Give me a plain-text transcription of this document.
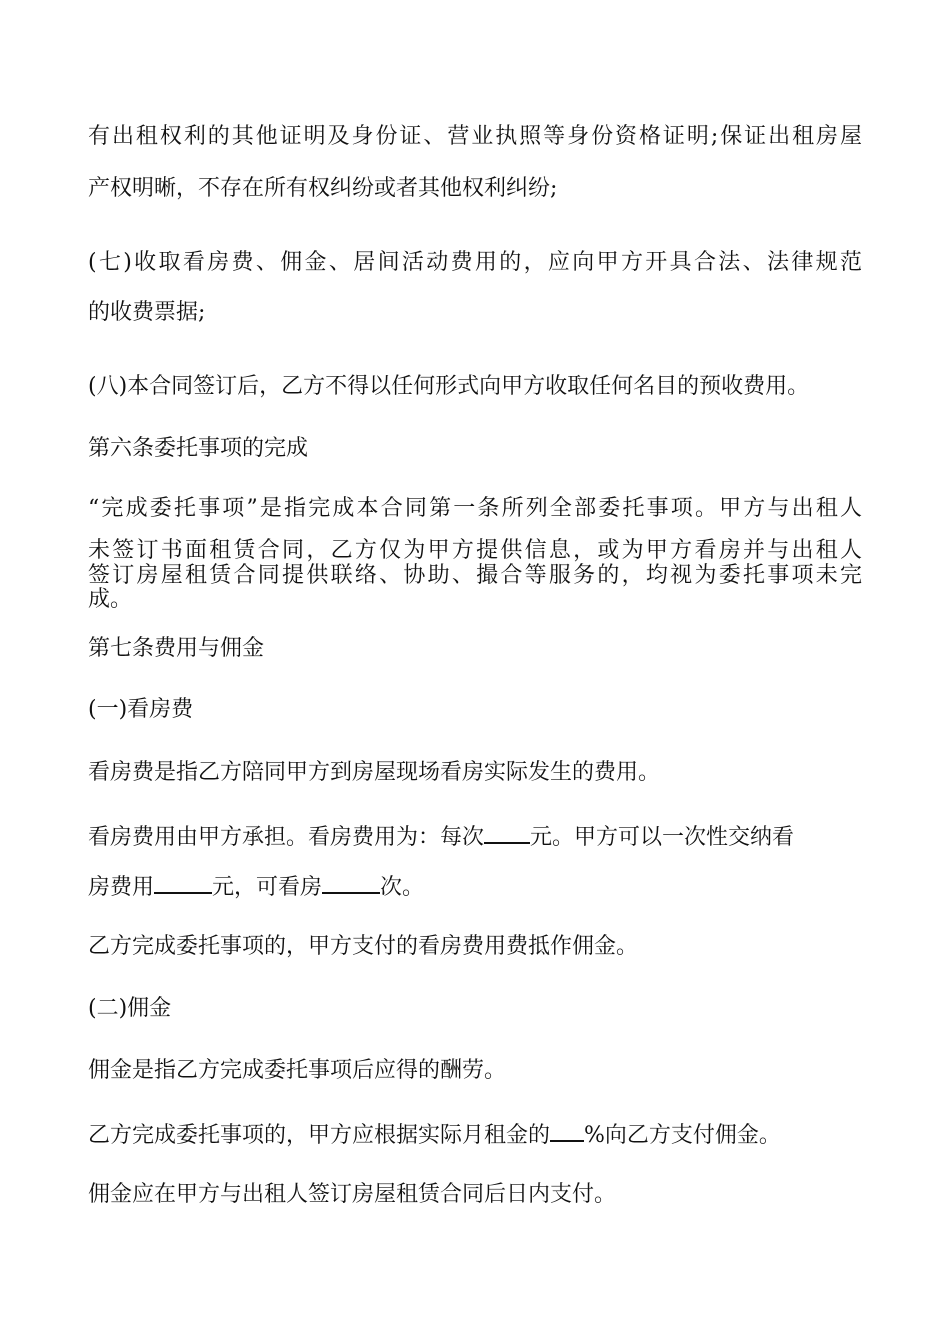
有出租权利的其他证明及身份证、营业执照等身份资格证明;保证出租房屋
产权明晰，不存在所有权纠纷或者其他权利纠纷;
(七)收取看房费、佣金、居间活动费用的，应向甲方开具合法、法律规范
的收费票据;
(八)本合同签订后，乙方不得以任何形式向甲方收取任何名目的预收费用。
第六条委托事项的完成
“完成委托事项”是指完成本合同第一条所列全部委托事项。甲方与出租人
未签订书面租赁合同，乙方仅为甲方提供信息，或为甲方看房并与出租人
签订房屋租赁合同提供联络、协助、撮合等服务的，均视为委托事项未完
成。
第七条费用与佣金
(一)看房费
看房费是指乙方陪同甲方到房屋现场看房实际发生的费用。
看房费用由甲方承担。看房费用为：每次 元。甲方可以一次性交纳看
房费用	元，可看房	次。
乙方完成委托事项的，甲方支付的看房费用费抵作佣金。
(二)佣金
佣金是指乙方完成委托事项后应得的酬劳。
乙方完成委托事项的，甲方应根据实际月租金的 %向乙方支付佣金。
佣金应在甲方与出租人签订房屋租赁合同后日内支付。
